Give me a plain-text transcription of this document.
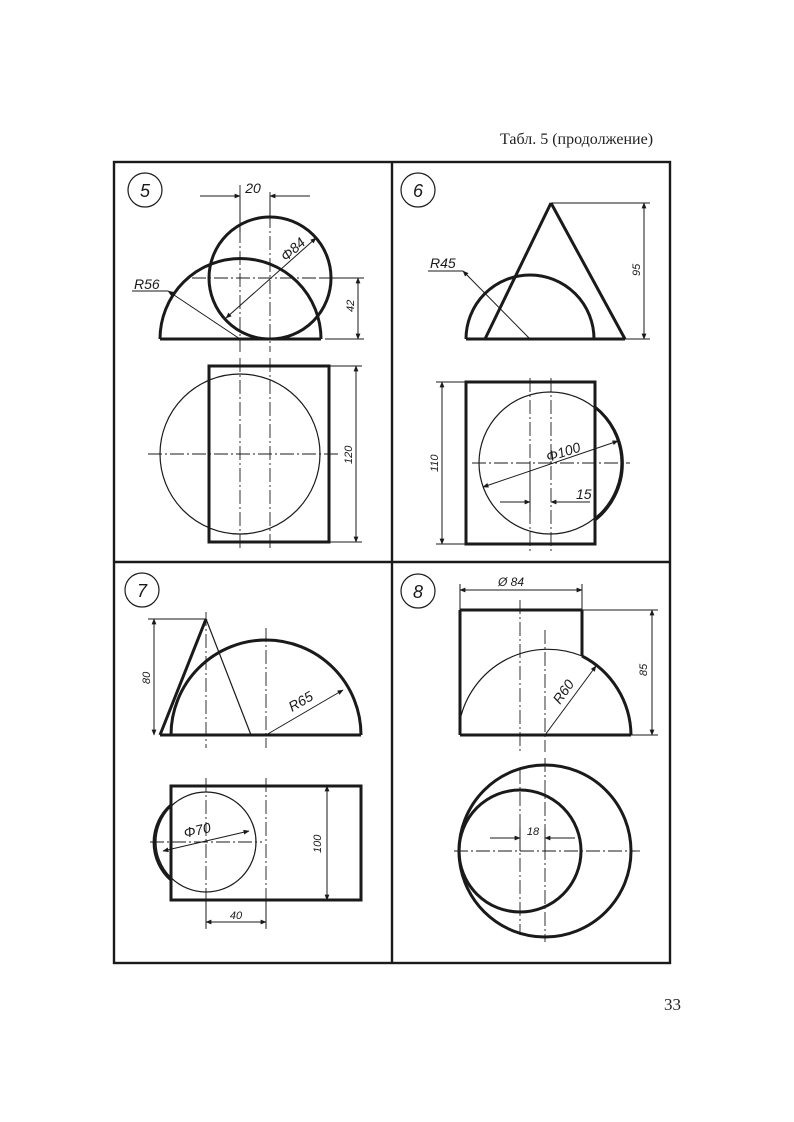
Табл. 5 (продолжение)
5	20
Φ84
R56
42
120
6
R45	95
110	Φ100
15
7
80
R65
Φ70
100
40
8	Ø 84
85
R60
18
33
